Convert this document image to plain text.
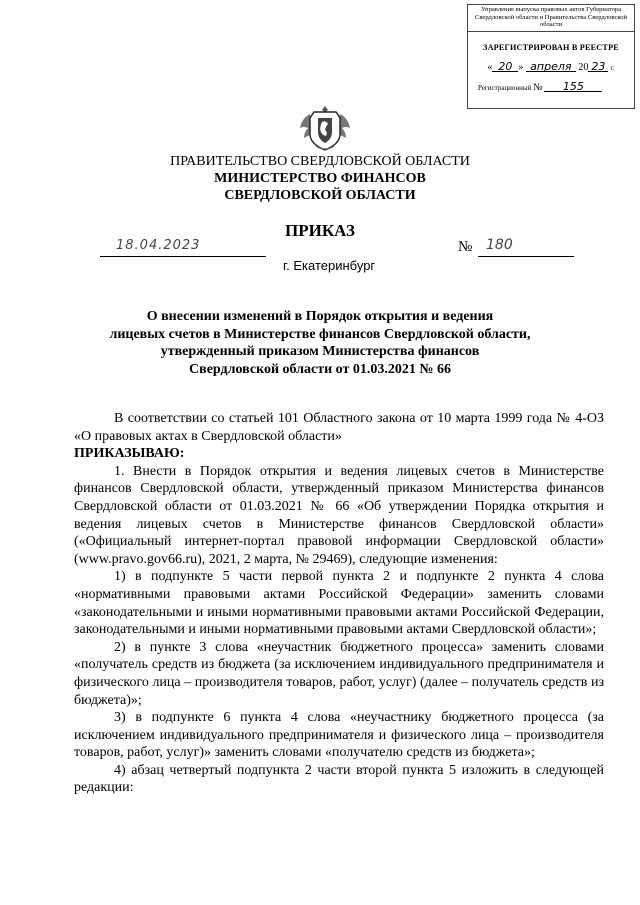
Управление выпуска правовых актов Губернатора Свердловской области и Правительства Свердловской области
ЗАРЕГИСТРИРОВАН В РЕЕСТРЕ
« 20 » апреля 20 23 г.
Регистрационный № 155
ПРАВИТЕЛЬСТВО СВЕРДЛОВСКОЙ ОБЛАСТИ
МИНИСТЕРСТВО ФИНАНСОВ
СВЕРДЛОВСКОЙ ОБЛАСТИ
ПРИКАЗ
18.04.2023	№ 180
г. Екатеринбург
О внесении изменений в Порядок открытия и ведения
лицевых счетов в Министерстве финансов Свердловской области,
утвержденный приказом Министерства финансов
Свердловской области от 01.03.2021 № 66

В соответствии со статьей 101 Областного закона от 10 марта 1999 года № 4-ОЗ «О правовых актах в Свердловской области»

ПРИКАЗЫВАЮ:

1. Внести в Порядок открытия и ведения лицевых счетов в Министерстве финансов Свердловской области, утвержденный приказом Министерства финансов Свердловской области от 01.03.2021 № 66 «Об утверждении Порядка открытия и ведения лицевых счетов в Министерстве финансов Свердловской области» («Официальный интернет-портал правовой информации Свердловской области» (www.pravo.gov66.ru), 2021, 2 марта, № 29469), следующие изменения:

1) в подпункте 5 части первой пункта 2 и подпункте 2 пункта 4 слова «нормативными правовыми актами Российской Федерации» заменить словами «законодательными и иными нормативными правовыми актами Российской Федерации, законодательными и иными нормативными правовыми актами Свердловской области»;

2) в пункте 3 слова «неучастник бюджетного процесса» заменить словами «получатель средств из бюджета (за исключением индивидуального предпринимателя и физического лица – производителя товаров, работ, услуг) (далее – получатель средств из бюджета)»;

3) в подпункте 6 пункта 4 слова «неучастнику бюджетного процесса (за исключением индивидуального предпринимателя и физического лица – производителя товаров, работ, услуг)» заменить словами «получателю средств из бюджета»;

4) абзац четвертый подпункта 2 части второй пункта 5 изложить в следующей редакции:
